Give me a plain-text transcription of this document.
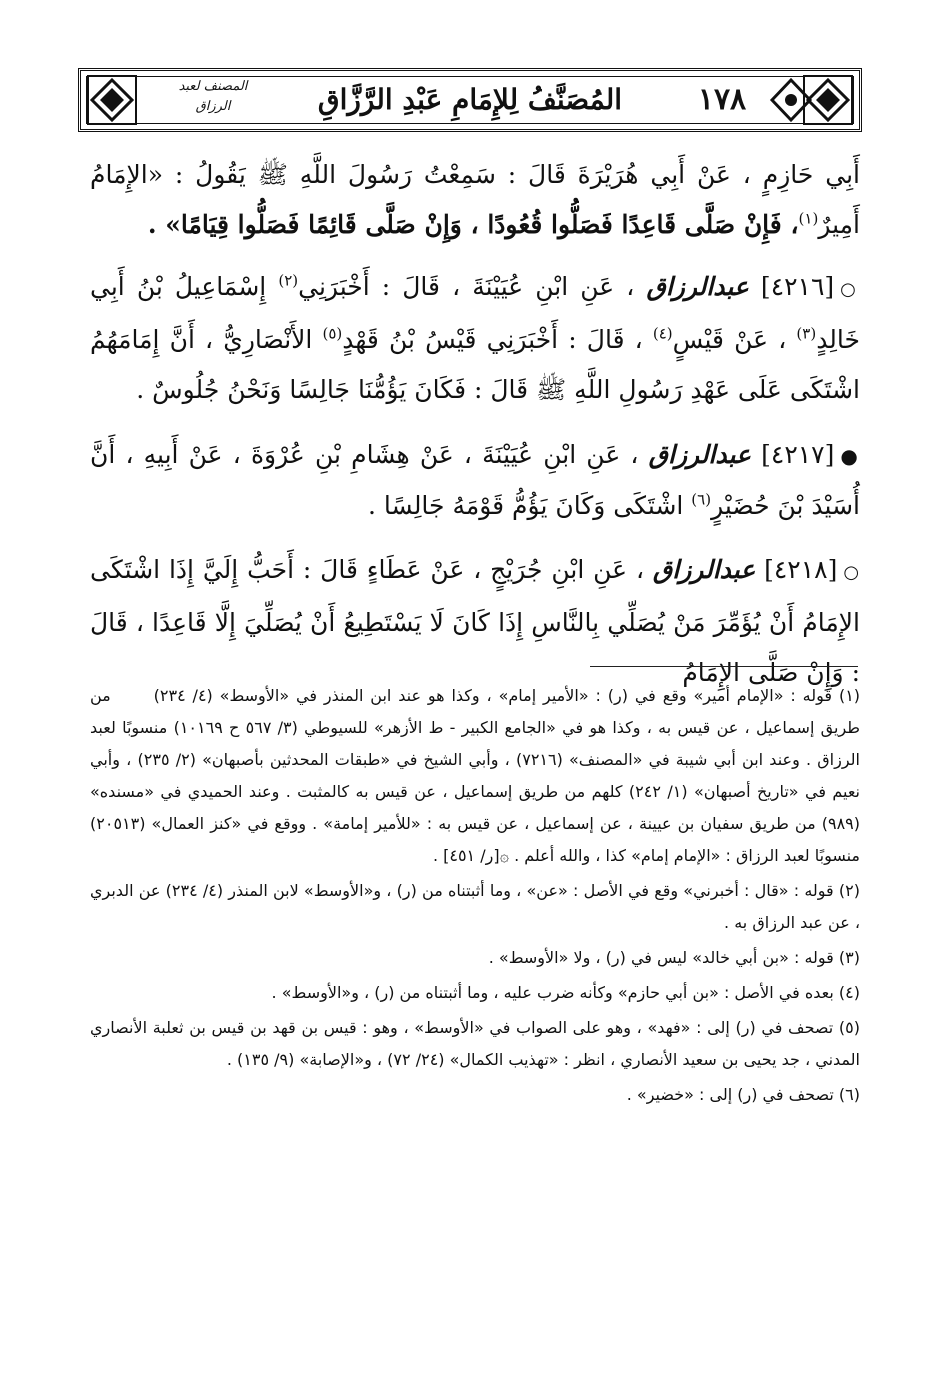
المصنف لعبد الرزاق	المُصَنَّفُ لِلإِمَامِ عَبْدِ الرَّزَّاقِ	١٧٨

أَبِي حَازِمٍ ، عَنْ أَبِي هُرَيْرَةَ قَالَ : سَمِعْتُ رَسُولَ اللَّهِ ﷺ يَقُولُ : «الإِمَامُ أَمِيرٌ$^{(١)}$، فَإِنْ صَلَّى قَاعِدًا فَصَلُّوا قُعُودًا ، وَإِنْ صَلَّى قَائِمًا فَصَلُّوا قِيَامًا» .

○[٤٢١٦] عبدالرزاق ، عَنِ ابْنِ عُيَيْنَةَ ، قَالَ : أَخْبَرَنِي$^{(٢)}$ إِسْمَاعِيلُ بْنُ أَبِي خَالِدٍ$^{(٣)}$ ، عَنْ قَيْسٍ$^{(٤)}$ ، قَالَ : أَخْبَرَنِي قَيْسُ بْنُ قَهْدٍ$^{(٥)}$ الأَنْصَارِيُّ ، أَنَّ إِمَامَهُمُ اشْتَكَى عَلَى عَهْدِ رَسُولِ اللَّهِ ﷺ قَالَ : فَكَانَ يَؤُمُّنَا جَالِسًا وَنَحْنُ جُلُوسٌ .

●[٤٢١٧] عبدالرزاق ، عَنِ ابْنِ عُيَيْنَةَ ، عَنْ هِشَامِ بْنِ عُرْوَةَ ، عَنْ أَبِيهِ ، أَنَّ أُسَيْدَ بْنَ حُضَيْرٍ$^{(٦)}$ اشْتَكَى وَكَانَ يَؤُمُّ قَوْمَهُ جَالِسًا .

○[٤٢١٨] عبدالرزاق ، عَنِ ابْنِ جُرَيْجٍ ، عَنْ عَطَاءٍ قَالَ : أَحَبُّ إِلَيَّ إِذَا اشْتَكَى الإِمَامُ أَنْ يُؤَمِّرَ مَنْ يُصَلِّي بِالنَّاسِ إِذَا كَانَ لَا يَسْتَطِيعُ أَنْ يُصَلِّيَ إِلَّا قَاعِدًا ، قَالَ : وَإِنْ صَلَّى الإِمَامُ

(١) قوله : «الإمام أمير» وقع في (ر) : «الأمير إمام» ، وكذا هو عند ابن المنذر في «الأوسط» (٤/ ٢٣٤) من طريق إسماعيل ، عن قيس به ، وكذا هو في «الجامع الكبير - ط الأزهر» للسيوطي (٣/ ٥٦٧ ح ١٠١٦٩) منسوبًا لعبد الرزاق . وعند ابن أبي شيبة في «المصنف» (٧٢١٦) ، وأبي الشيخ في «طبقات المحدثين بأصبهان» (٢/ ٢٣٥) ، وأبي نعيم في «تاريخ أصبهان» (١/ ٢٤٢) كلهم من طريق إسماعيل ، عن قيس به كالمثبت . وعند الحميدي في «مسنده» (٩٨٩) من طريق سفيان بن عيينة ، عن إسماعيل ، عن قيس به : «للأمير إمامة» . ووقع في «كنز العمال» (٢٠٥١٣) منسوبًا لعبد الرزاق : «الإمام إمام» كذا ، والله أعلم . ۞[ر/ ٤٥١] .

(٢) قوله : «قال : أخبرني» وقع في الأصل : «عن» ، وما أثبتناه من (ر) ، و«الأوسط» لابن المنذر (٤/ ٢٣٤) عن الدبري ، عن عبد الرزاق به .

(٣) قوله : «بن أبي خالد» ليس في (ر) ، ولا «الأوسط» .

(٤) بعده في الأصل : «بن أبي حازم» وكأنه ضرب عليه ، وما أثبتناه من (ر) ، و«الأوسط» .

(٥) تصحف في (ر) إلى : «فهد» ، وهو على الصواب في «الأوسط» ، وهو : قيس بن قهد بن قيس بن ثعلبة الأنصاري المدني ، جد يحيى بن سعيد الأنصاري ، انظر : «تهذيب الكمال» (٢٤/ ٧٢) ، و«الإصابة» (٩/ ١٣٥) .

(٦) تصحف في (ر) إلى : «خضير» .
